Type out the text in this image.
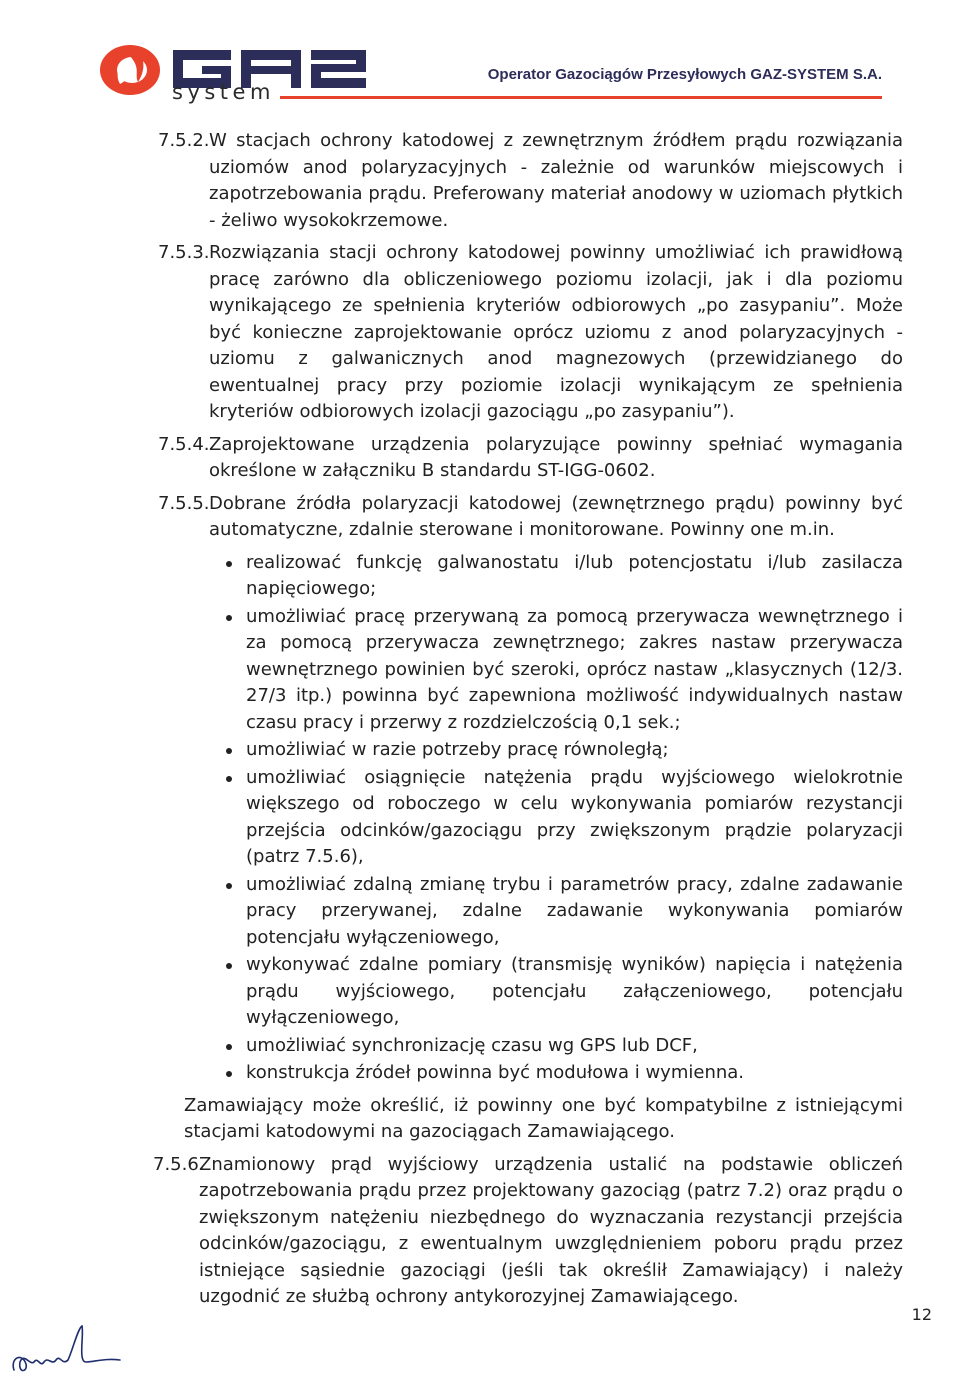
system
Operator Gazociągów Przesyłowych GAZ-SYSTEM S.A.
7.5.2. W stacjach ochrony katodowej z zewnętrznym źródłem prądu rozwiązania uziomów anod polaryzacyjnych - zależnie od warunków miejscowych i zapotrzebowania prądu. Preferowany materiał anodowy w uziomach płytkich - żeliwo wysokokrzemowe.
7.5.3. Rozwiązania stacji ochrony katodowej powinny umożliwiać ich prawidłową pracę zarówno dla obliczeniowego poziomu izolacji, jak i dla poziomu wynikającego ze spełnienia kryteriów odbiorowych „po zasypaniu”. Może być konieczne zaprojektowanie oprócz uziomu z anod polaryzacyjnych - uziomu z galwanicznych anod magnezowych (przewidzianego do ewentualnej pracy przy poziomie izolacji wynikającym ze spełnienia kryteriów odbiorowych izolacji gazociągu „po zasypaniu”).
7.5.4. Zaprojektowane urządzenia polaryzujące powinny spełniać wymagania określone w załączniku B standardu ST-IGG-0602.
7.5.5. Dobrane źródła polaryzacji katodowej (zewnętrznego prądu) powinny być automatyczne, zdalnie sterowane i monitorowane. Powinny one m.in.
realizować funkcję galwanostatu i/lub potencjostatu i/lub zasilacza napięciowego;
umożliwiać pracę przerywaną za pomocą przerywacza wewnętrznego i za pomocą przerywacza zewnętrznego; zakres nastaw przerywacza wewnętrznego powinien być szeroki, oprócz nastaw „klasycznych (12/3. 27/3 itp.) powinna być zapewniona możliwość indywidualnych nastaw czasu pracy i przerwy z rozdzielczością 0,1 sek.;
umożliwiać w razie potrzeby pracę równoległą;
umożliwiać osiągnięcie natężenia prądu wyjściowego wielokrotnie większego od roboczego w celu wykonywania pomiarów rezystancji przejścia odcinków/gazociągu przy zwiększonym prądzie polaryzacji (patrz 7.5.6),
umożliwiać zdalną zmianę trybu i parametrów pracy, zdalne zadawanie pracy przerywanej, zdalne zadawanie wykonywania pomiarów potencjału wyłączeniowego,
wykonywać zdalne pomiary (transmisję wyników) napięcia i natężenia prądu wyjściowego, potencjału załączeniowego, potencjału wyłączeniowego,
umożliwiać synchronizację czasu wg GPS lub DCF,
konstrukcja źródeł powinna być modułowa i wymienna.
Zamawiający może określić, iż powinny one być kompatybilne z istniejącymi stacjami katodowymi na gazociągach Zamawiającego.
7.5.6.
Znamionowy prąd wyjściowy urządzenia ustalić na podstawie obliczeń zapotrzebowania prądu przez projektowany gazociąg (patrz 7.2) oraz prądu o zwiększonym natężeniu niezbędnego do wyznaczania rezystancji przejścia odcinków/gazociągu, z ewentualnym uwzględnieniem poboru prądu przez istniejące sąsiednie gazociągi (jeśli tak określił Zamawiający) i należy uzgodnić ze służbą ochrony antykorozyjnej Zamawiającego.
12
